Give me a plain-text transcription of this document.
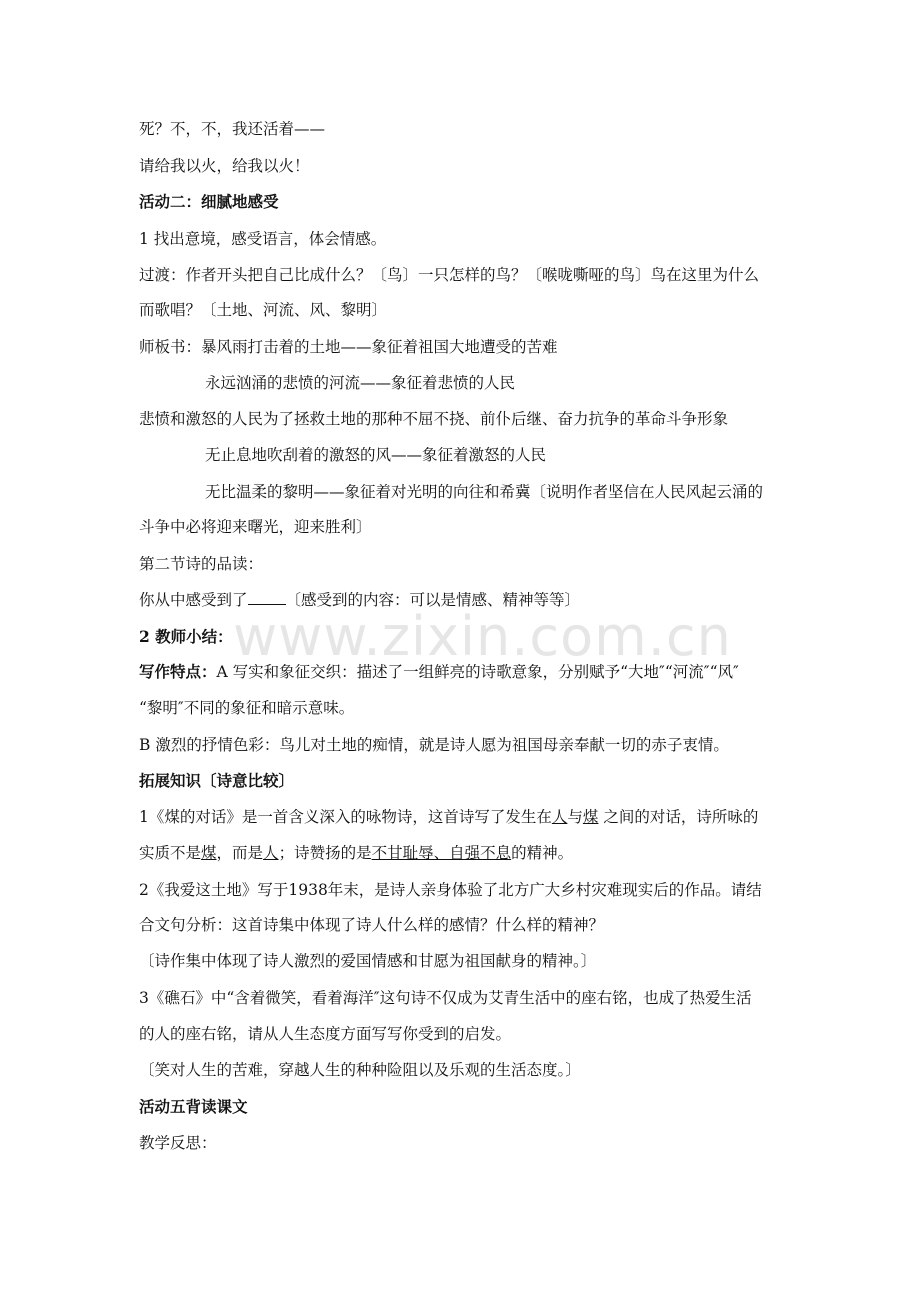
www.zixin.com.cn
死？不，不，我还活着——
请给我以火，给我以火！
活动二：细腻地感受
1 找出意境，感受语言，体会情感。
过渡：作者开头把自己比成什么？〔鸟〕一只怎样的鸟？〔喉咙嘶哑的鸟〕鸟在这里为什么
而歌唱？〔土地、河流、风、黎明〕
师板书：暴风雨打击着的土地——象征着祖国大地遭受的苦难
永远汹涌的悲愤的河流——象征着悲愤的人民
悲愤和激怒的人民为了拯救土地的那种不屈不挠、前仆后继、奋力抗争的革命斗争形象
无止息地吹刮着的激怒的风——象征着激怒的人民
无比温柔的黎明——象征着对光明的向往和希冀〔说明作者坚信在人民风起云涌的
斗争中必将迎来曙光，迎来胜利〕
第二节诗的品读：
你从中感受到了 〔感受到的内容：可以是情感、精神等等〕
2 教师小结：
写作特点：A 写实和象征交织：描述了一组鲜亮的诗歌意象，分别赋予“大地″“河流″“风″
“黎明″不同的象征和暗示意味。
B 激烈的抒情色彩：鸟儿对土地的痴情，就是诗人愿为祖国母亲奉献一切的赤子衷情。
拓展知识〔诗意比较〕
1《煤的对话》是一首含义深入的咏物诗，这首诗写了发生在人与煤 之间的对话，诗所咏的
实质不是煤，而是人；诗赞扬的是不甘耻辱、自强不息的精神。
2《我爱这土地》写于1938年末，是诗人亲身体验了北方广大乡村灾难现实后的作品。请结
合文句分析：这首诗集中体现了诗人什么样的感情？什么样的精神？
〔诗作集中体现了诗人激烈的爱国情感和甘愿为祖国献身的精神。〕
3《礁石》中“含着微笑，看着海洋″这句诗不仅成为艾青生活中的座右铭，也成了热爱生活
的人的座右铭，请从人生态度方面写写你受到的启发。
〔笑对人生的苦难，穿越人生的种种险阻以及乐观的生活态度。〕
活动五背读课文
教学反思：
